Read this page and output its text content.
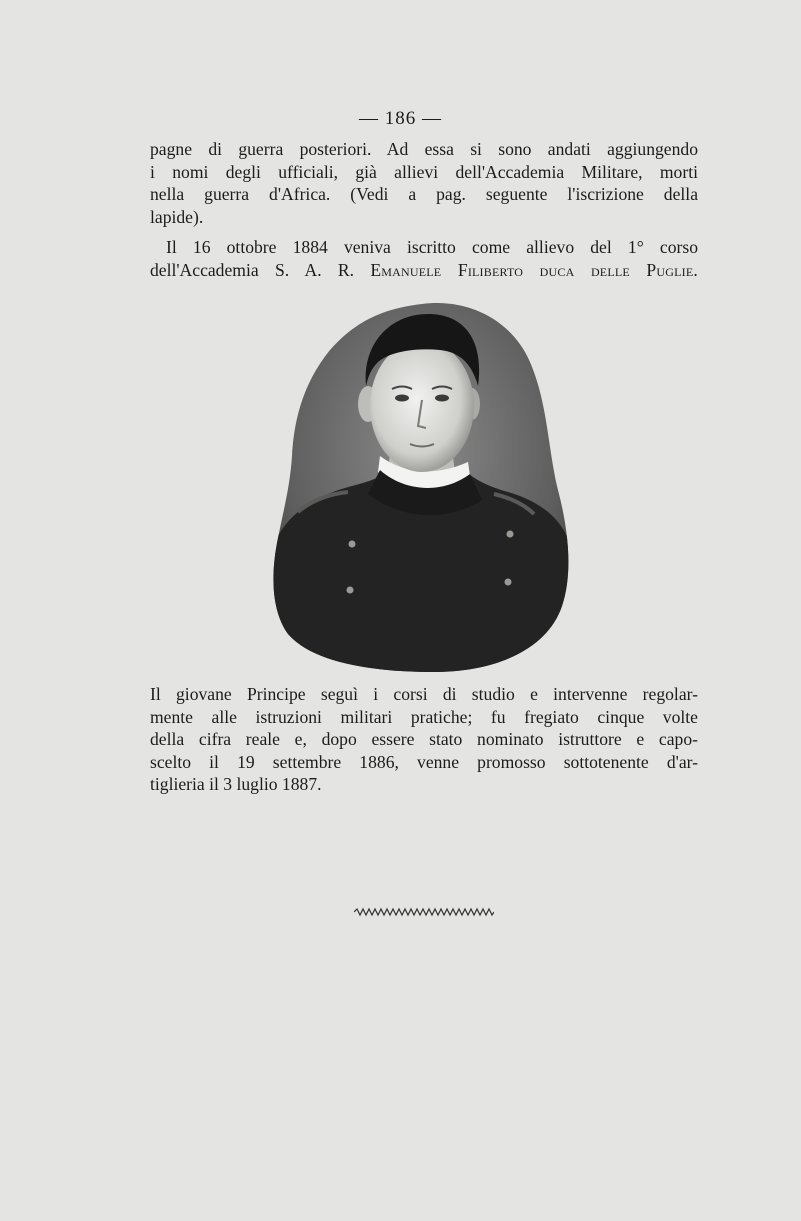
— 186 —
pagne di guerra posteriori. Ad essa si sono andati aggiungendo
i nomi degli ufficiali, già allievi dell'Accademia Militare, morti
nella guerra d'Africa. (Vedi a pag. seguente l'iscrizione della
lapide).
Il 16 ottobre 1884 veniva iscritto come allievo del 1° corso
dell'Accademia S. A. R. Emanuele Filiberto duca delle Puglie.
Il giovane Principe seguì i corsi di studio e intervenne regolar-
mente alle istruzioni militari pratiche; fu fregiato cinque volte
della cifra reale e, dopo essere stato nominato istruttore e capo-
scelto il 19 settembre 1886, venne promosso sottotenente d'ar-
tiglieria il 3 luglio 1887.
